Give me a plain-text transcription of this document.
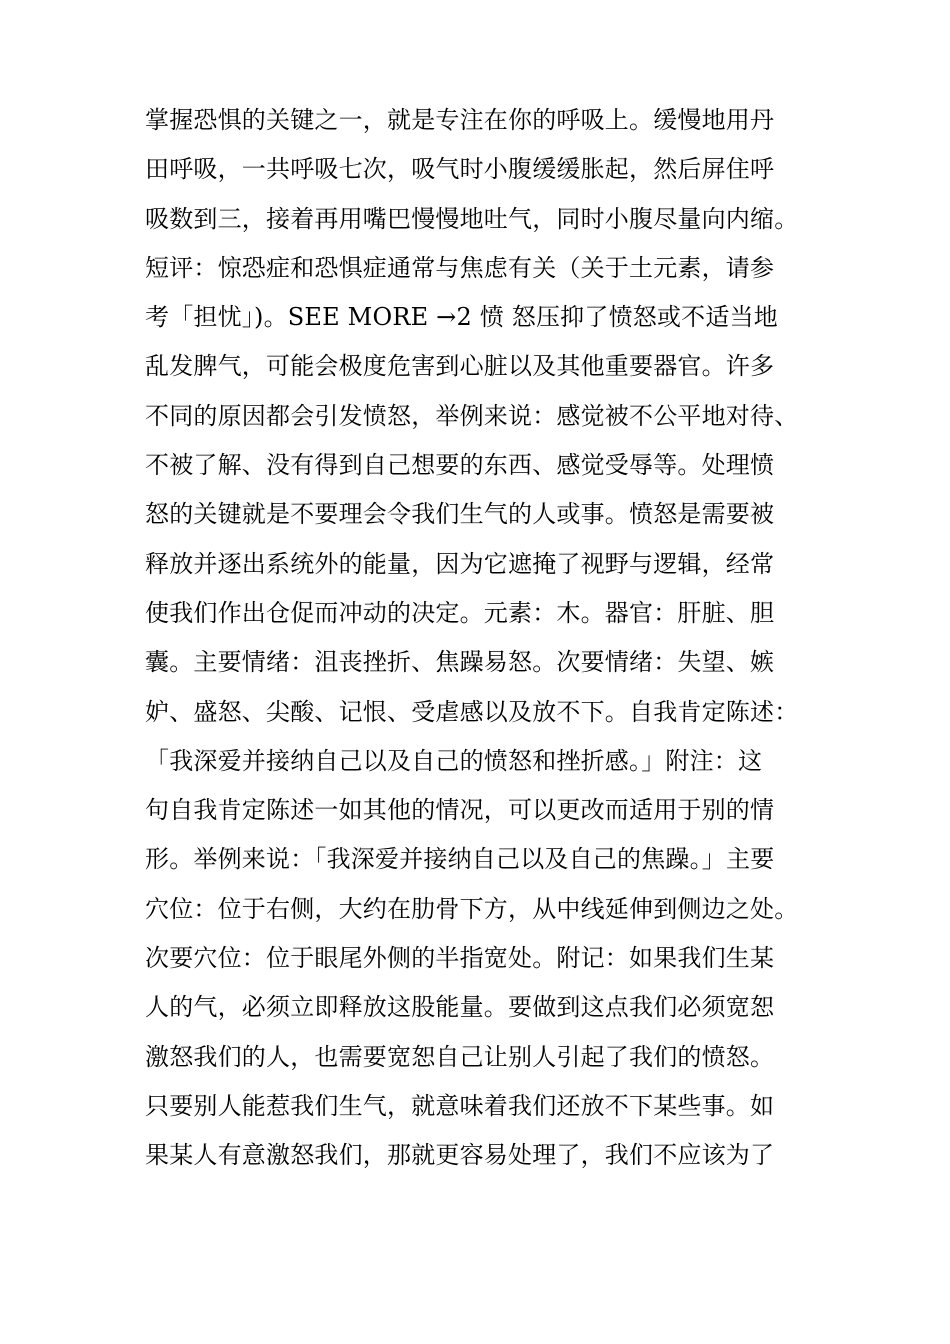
掌握恐惧的关键之一，就是专注在你的呼吸上。缓慢地用丹
田呼吸，一共呼吸七次，吸气时小腹缓缓胀起，然后屏住呼
吸数到三，接着再用嘴巴慢慢地吐气，同时小腹尽量向内缩。
短评：惊恐症和恐惧症通常与焦虑有关（关于土元素，请参
考「担忧」)。SEE MORE →2 愤 怒压抑了愤怒或不适当地
乱发脾气，可能会极度危害到心脏以及其他重要器官。许多
不同的原因都会引发愤怒，举例来说：感觉被不公平地对待、
不被了解、没有得到自己想要的东西、感觉受辱等。处理愤
怒的关键就是不要理会令我们生气的人或事。愤怒是需要被
释放并逐出系统外的能量，因为它遮掩了视野与逻辑，经常
使我们作出仓促而冲动的决定。元素：木。器官：肝脏、胆
囊。主要情绪：沮丧挫折、焦躁易怒。次要情绪：失望、嫉
妒、盛怒、尖酸、记恨、受虐感以及放不下。自我肯定陈述：
「我深爱并接纳自己以及自己的愤怒和挫折感。」附注：这
句自我肯定陈述一如其他的情况，可以更改而适用于别的情
形。举例来说：「我深爱并接纳自己以及自己的焦躁。」主要
穴位：位于右侧，大约在肋骨下方，从中线延伸到侧边之处。
次要穴位：位于眼尾外侧的半指宽处。附记：如果我们生某
人的气，必须立即释放这股能量。要做到这点我们必须宽恕
激怒我们的人，也需要宽恕自己让别人引起了我们的愤怒。
只要别人能惹我们生气，就意味着我们还放不下某些事。如
果某人有意激怒我们，那就更容易处理了，我们不应该为了
